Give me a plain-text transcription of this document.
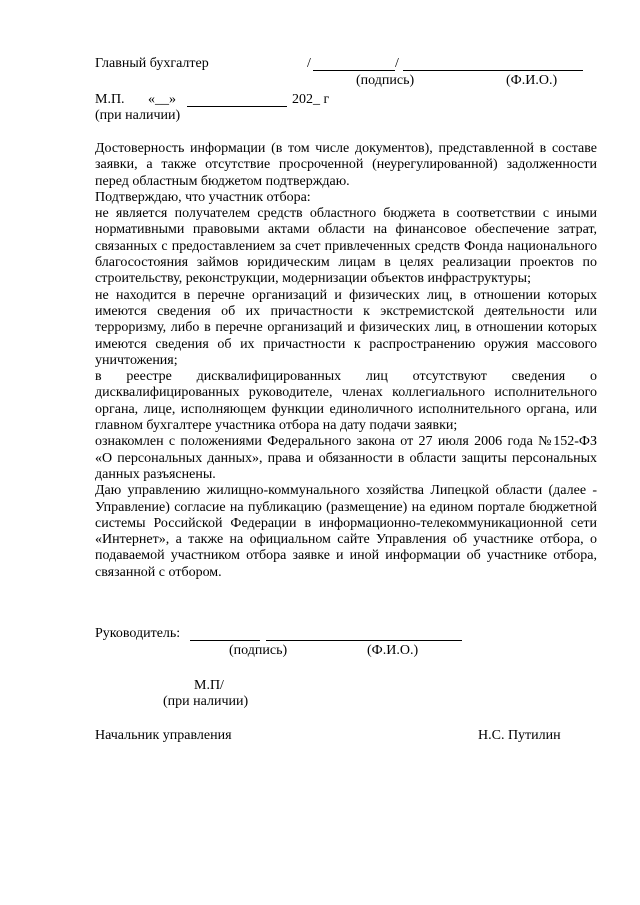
Главный бухгалтер	/	/
(подпись)	(Ф.И.О.)
М.П. «__»	202_ г
(при наличии)

Достоверность информации (в том числе документов), представленной в составе заявки, а также отсутствие просроченной (неурегулированной) задолженности перед областным бюджетом подтверждаю.

Подтверждаю, что участник отбора:

не является получателем средств областного бюджета в соответствии с иными нормативными правовыми актами области на финансовое обеспечение затрат, связанных с предоставлением за счет привлеченных средств Фонда национального благосостояния займов юридическим лицам в целях реализации проектов по строительству, реконструкции, модернизации объектов инфраструктуры;

не находится в перечне организаций и физических лиц, в отношении которых имеются сведения об их причастности к экстремистской деятельности или терроризму, либо в перечне организаций и физических лиц, в отношении которых имеются сведения об их причастности к распространению оружия массового уничтожения;

в реестре дисквалифицированных лиц отсутствуют сведения о дисквалифицированных руководителе, членах коллегиального исполнительного органа, лице, исполняющем функции единоличного исполнительного органа, или главном бухгалтере участника отбора на дату подачи заявки;

ознакомлен с положениями Федерального закона от 27 июля 2006 года №152-ФЗ «О персональных данных», права и обязанности в области защиты персональных данных разъяснены.

Даю управлению жилищно-коммунального хозяйства Липецкой области (далее - Управление) согласие на публикацию (размещение) на едином портале бюджетной системы Российской Федерации в информационно-телекоммуникационной сети «Интернет», а также на официальном сайте Управления об участнике отбора, о подаваемой участником отбора заявке и иной информации об участнике отбора, связанной с отбором.

Руководитель:
(подпись)	(Ф.И.О.)
М.П/
(при наличии)
Начальник управления	Н.С. Путилин
